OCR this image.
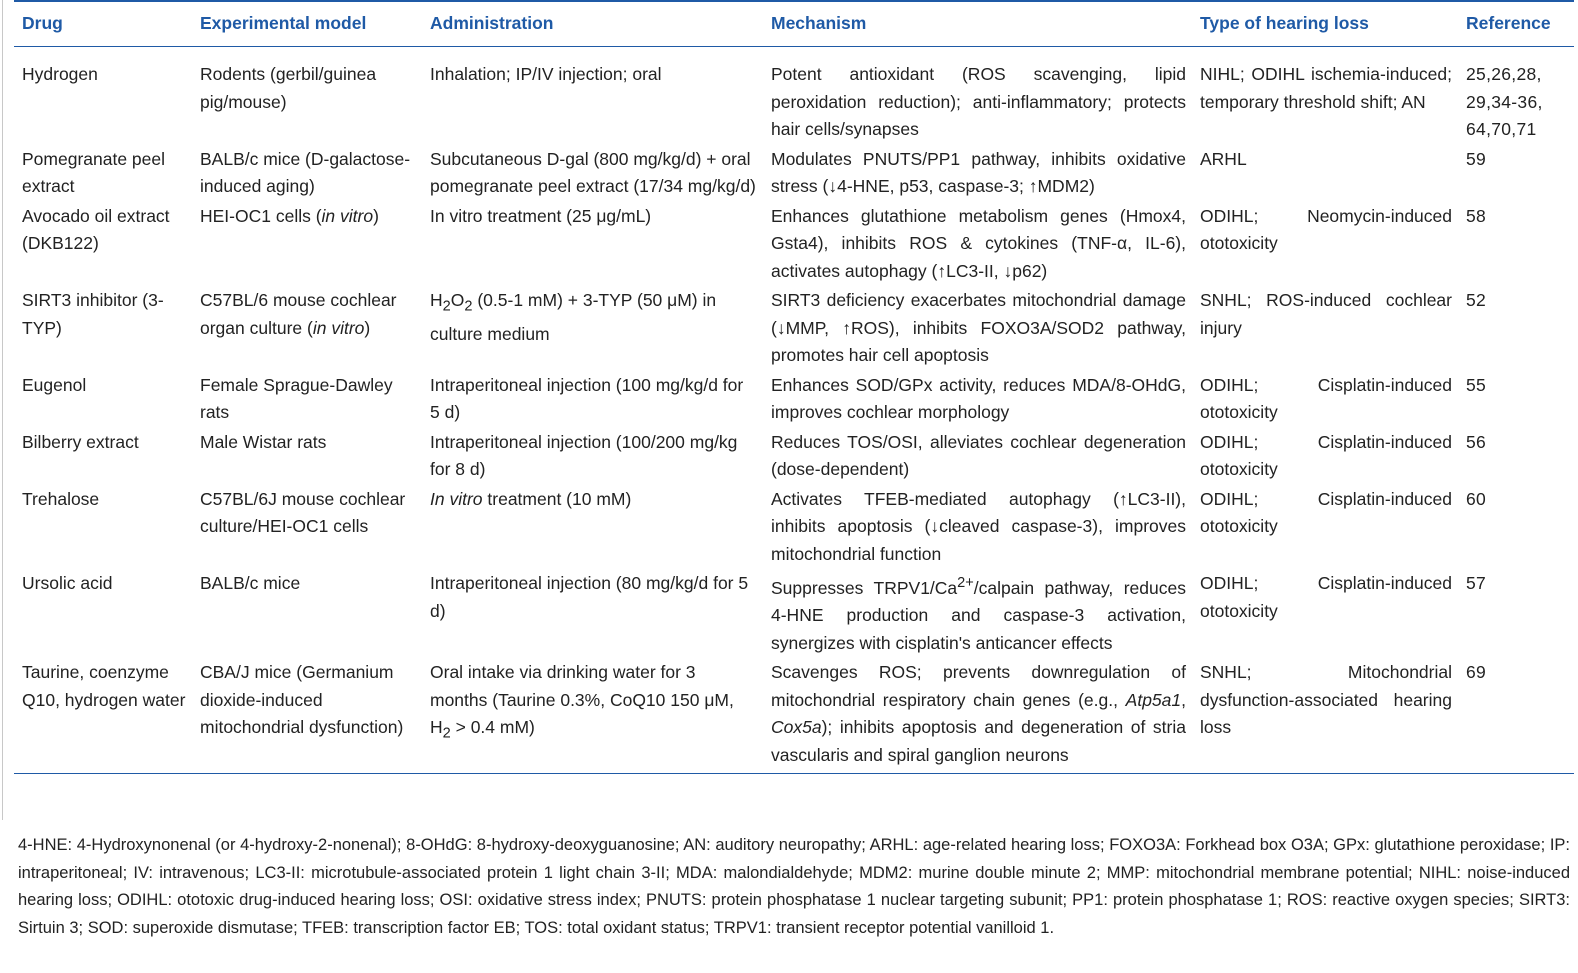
Drug	Experimental model	Administration	Mechanism	Type of hearing loss	Reference
Hydrogen	Rodents (gerbil/guinea pig/mouse)	Inhalation; IP/IV injection; oral	Potent antioxidant (ROS scavenging, lipid peroxidation reduction); anti-inflammatory; protects hair cells/synapses	NIHL; ODIHL ischemia-induced; temporary threshold shift; AN	25,26,28, 29,34-36, 64,70,71
Pomegranate peel extract	BALB/c mice (D-galactose-induced aging)	Subcutaneous D-gal (800 mg/kg/d) + oral pomegranate peel extract (17/34 mg/kg/d)	Modulates PNUTS/PP1 pathway, inhibits oxidative stress (↓4-HNE, p53, caspase-3; ↑MDM2)	ARHL	59
Avocado oil extract (DKB122)	HEI-OC1 cells (in vitro)	In vitro treatment (25 μg/mL)	Enhances glutathione metabolism genes (Hmox4, Gsta4), inhibits ROS & cytokines (TNF-α, IL-6), activates autophagy (↑LC3-II, ↓p62)	ODIHL; Neomycin-induced ototoxicity	58
SIRT3 inhibitor (3-TYP)	C57BL/6 mouse cochlear organ culture (in vitro)	$H_2O_2$ (0.5-1 mM) + 3-TYP (50 μM) in culture medium	SIRT3 deficiency exacerbates mitochondrial damage (↓MMP, ↑ROS), inhibits FOXO3A/SOD2 pathway, promotes hair cell apoptosis	SNHL; ROS-induced cochlear injury	52
Eugenol	Female Sprague-Dawley rats	Intraperitoneal injection (100 mg/kg/d for 5 d)	Enhances SOD/GPx activity, reduces MDA/8-OHdG, improves cochlear morphology	ODIHL; Cisplatin-induced ototoxicity	55
Bilberry extract	Male Wistar rats	Intraperitoneal injection (100/200 mg/kg for 8 d)	Reduces TOS/OSI, alleviates cochlear degeneration (dose-dependent)	ODIHL; Cisplatin-induced ototoxicity	56
Trehalose	C57BL/6J mouse cochlear culture/HEI-OC1 cells	In vitro treatment (10 mM)	Activates TFEB-mediated autophagy (↑LC3-II), inhibits apoptosis (↓cleaved caspase-3), improves mitochondrial function	ODIHL; Cisplatin-induced ototoxicity	60
Ursolic acid	BALB/c mice	Intraperitoneal injection (80 mg/kg/d for 5 d)	Suppresses $TRPV1/Ca^{2+}$/calpain pathway, reduces 4-HNE production and caspase-3 activation, synergizes with cisplatin's anticancer effects	ODIHL; Cisplatin-induced ototoxicity	57
Taurine, coenzyme Q10, hydrogen water	CBA/J mice (Germanium dioxide-induced mitochondrial dysfunction)	Oral intake via drinking water for 3 months (Taurine 0.3%, CoQ10 150 μM, $H_2 > 0.4$ mM)	Scavenges ROS; prevents downregulation of mitochondrial respiratory chain genes (e.g., Atp5a1, Cox5a); inhibits apoptosis and degeneration of stria vascularis and spiral ganglion neurons	SNHL; Mitochondrial dysfunction-associated hearing loss	69
4-HNE: 4-Hydroxynonenal (or 4-hydroxy-2-nonenal); 8-OHdG: 8-hydroxy-deoxyguanosine; AN: auditory neuropathy; ARHL: age-related hearing loss; FOXO3A: Forkhead box O3A; GPx: glutathione peroxidase; IP: intraperitoneal; IV: intravenous; LC3-II: microtubule-associated protein 1 light chain 3-II; MDA: malondialdehyde; MDM2: murine double minute 2; MMP: mitochondrial membrane potential; NIHL: noise-induced hearing loss; ODIHL: ototoxic drug-induced hearing loss; OSI: oxidative stress index; PNUTS: protein phosphatase 1 nuclear targeting subunit; PP1: protein phosphatase 1; ROS: reactive oxygen species; SIRT3: Sirtuin 3; SOD: superoxide dismutase; TFEB: transcription factor EB; TOS: total oxidant status; TRPV1: transient receptor potential vanilloid 1.
